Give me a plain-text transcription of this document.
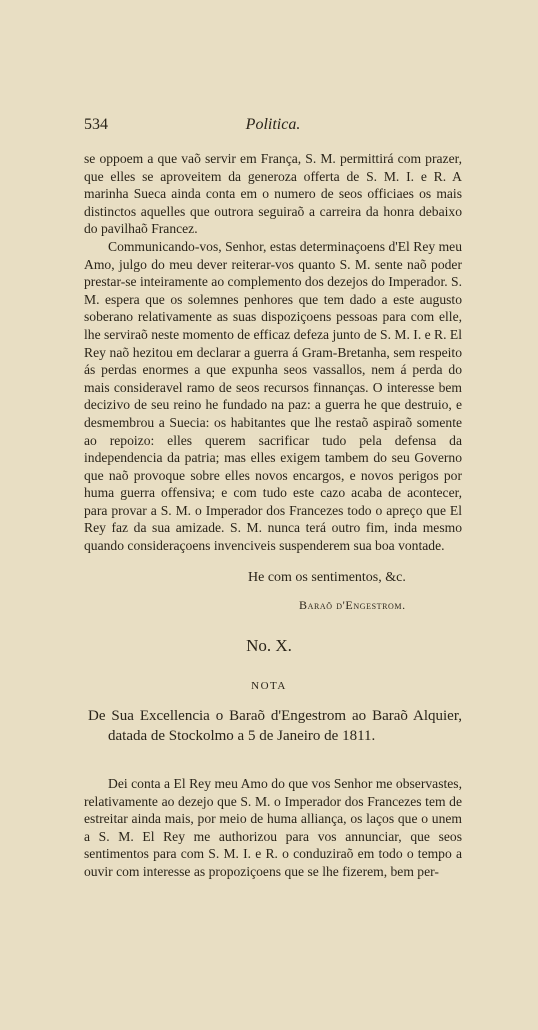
534	Politica.

se oppoem a que vaõ servir em França, S. M. permittirá com prazer, que elles se aproveitem da generoza offerta de S. M. I. e R. A marinha Sueca ainda conta em o numero de seos officiaes os mais distinctos aquelles que outrora seguiraõ a carreira da honra debaixo do pavilhaõ Francez.

Communicando-vos, Senhor, estas determinaçoens d'El Rey meu Amo, julgo do meu dever reiterar-vos quanto S. M. sente naõ poder prestar-se inteiramente ao complemento dos dezejos do Imperador. S. M. espera que os solemnes penhores que tem dado a este augusto soberano relativamente as suas dispoziçoens pessoas para com elle, lhe serviraõ neste momento de efficaz defeza junto de S. M. I. e R. El Rey naõ hezitou em declarar a guerra á Gram-Bretanha, sem respeito ás perdas enormes a que expunha seos vassallos, nem á perda do mais consideravel ramo de seos recursos finnanças. O interesse bem decizivo de seu reino he fundado na paz: a guerra he que destruio, e desmembrou a Suecia: os habitantes que lhe restaõ aspiraõ somente ao repoizo: elles querem sacrificar tudo pela defensa da independencia da patria; mas elles exigem tambem do seu Governo que naõ provoque sobre elles novos encargos, e novos perigos por huma guerra offensiva; e com tudo este cazo acaba de acontecer, para provar a S. M. o Imperador dos Francezes todo o apreço que El Rey faz da sua amizade. S. M. nunca terá outro fim, inda mesmo quando consideraçoens invenciveis suspenderem sua boa vontade.

He com os sentimentos, &c.
Baraõ d'Engestrom.
No. X.
NOTA
De Sua Excellencia o Baraõ d'Engestrom ao Baraõ Alquier, datada de Stockolmo a 5 de Janeiro de 1811.

Dei conta a El Rey meu Amo do que vos Senhor me observastes, relativamente ao dezejo que S. M. o Imperador dos Francezes tem de estreitar ainda mais, por meio de huma alliança, os laços que o unem a S. M. El Rey me authorizou para vos annunciar, que seos sentimentos para com S. M. I. e R. o conduziraõ em todo o tempo a ouvir com interesse as propoziçoens que se lhe fizerem, bem per-
